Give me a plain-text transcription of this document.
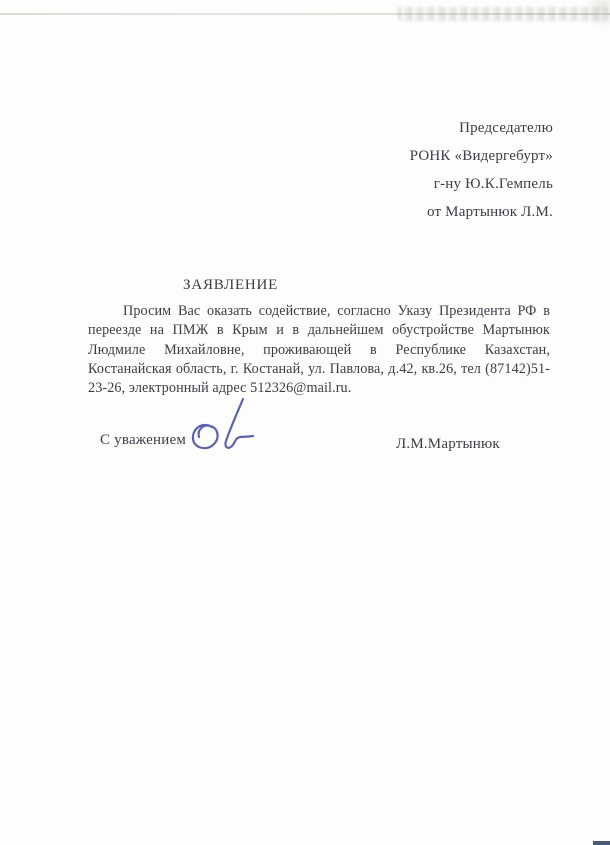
Председателю
РОНК «Видергебурт»
г-ну Ю.К.Гемпель
от Мартынюк Л.М.
ЗАЯВЛЕНИЕ
Просим Вас оказать содействие, согласно Указу Президента РФ в переезде на ПМЖ в Крым и в дальнейшем обустройстве Мартынюк Людмиле Михайловне, проживающей в Республике Казахстан, Костанайская область, г. Костанай, ул. Павлова, д.42, кв.26, тел (87142)51-23-26, электронный адрес 512326@mail.ru.
С уважением	Л.М.Мартынюк
